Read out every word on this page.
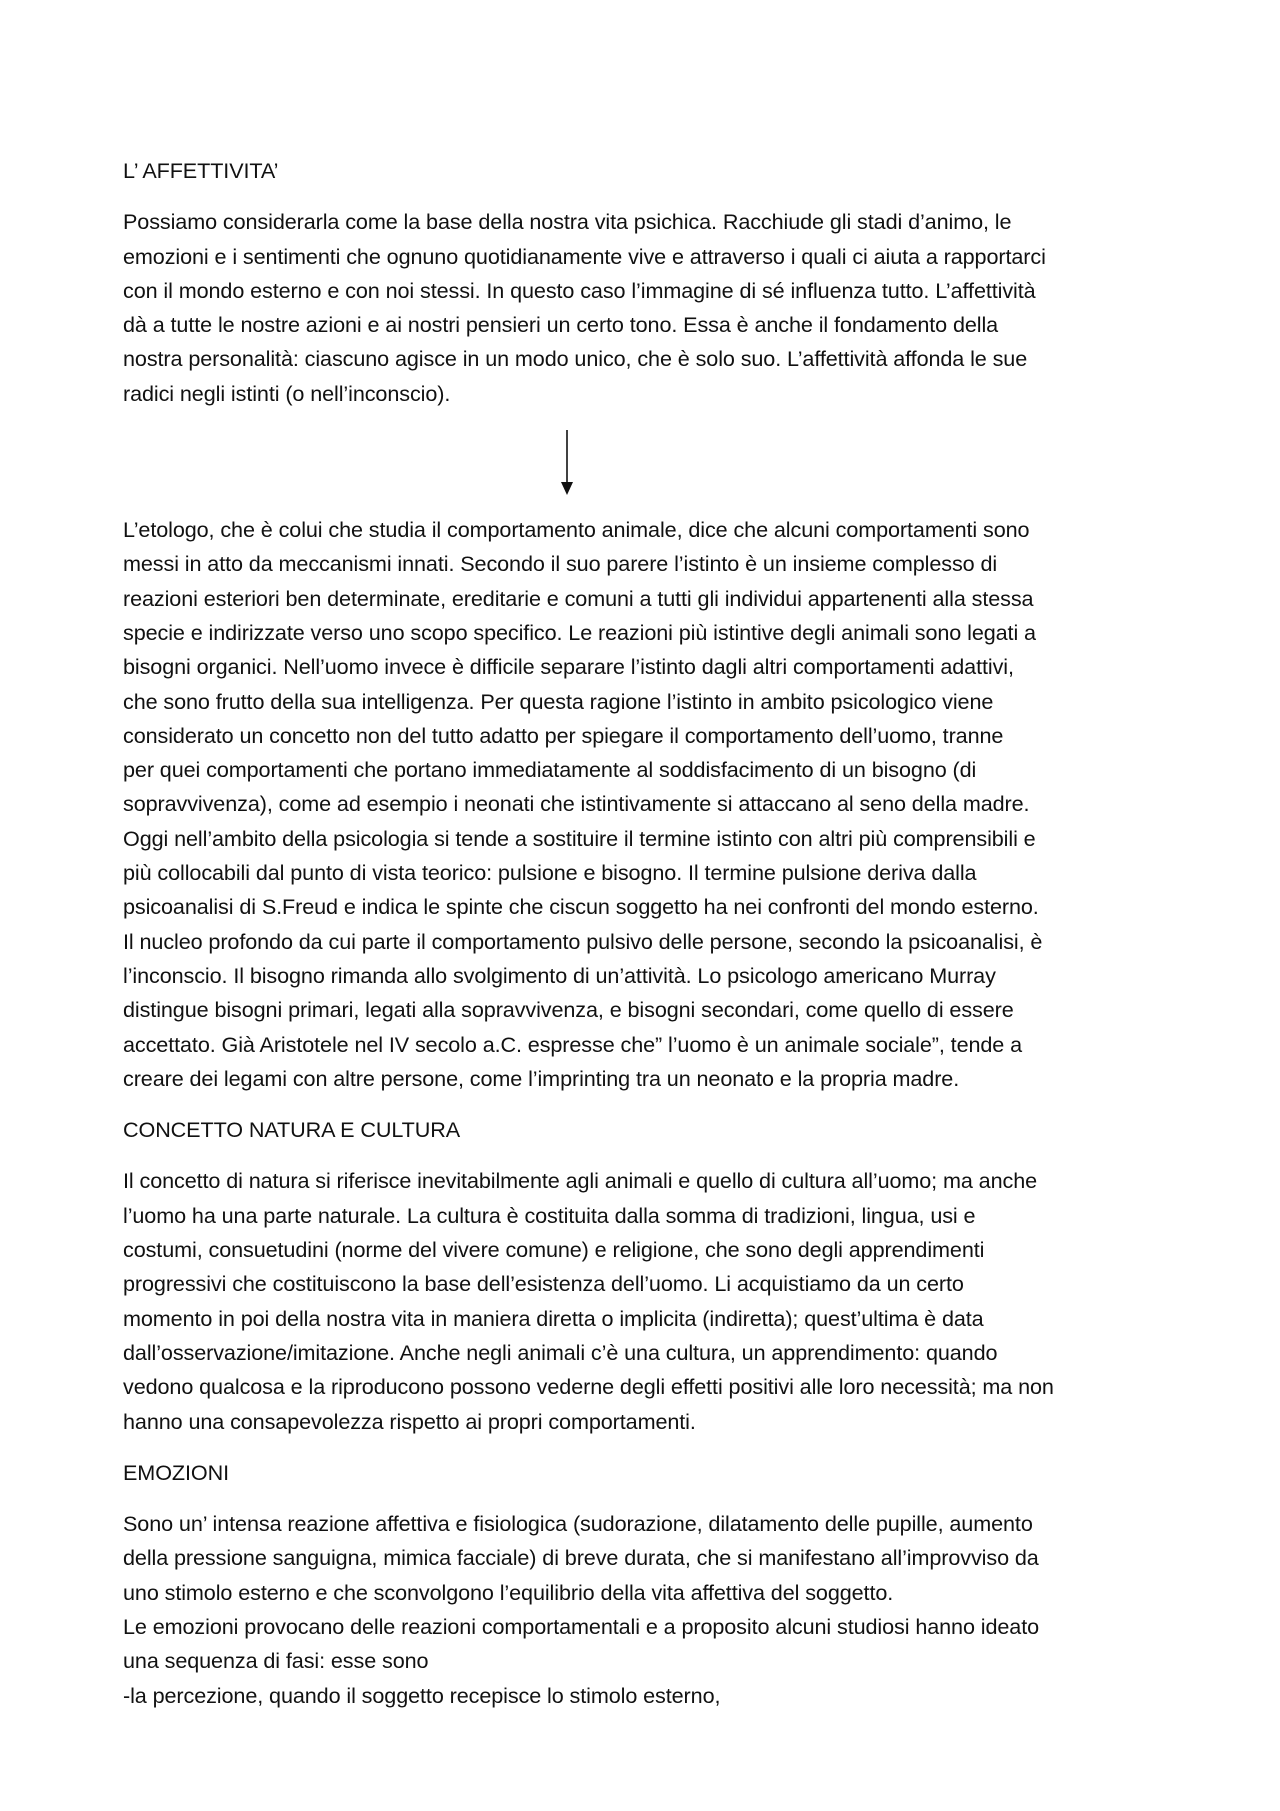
L’ AFFETTIVITA’
Possiamo considerarla come la base della nostra vita psichica. Racchiude gli stadi d’animo, le
emozioni e i sentimenti che ognuno quotidianamente vive e attraverso i quali ci aiuta a rapportarci
con il mondo esterno e con noi stessi. In questo caso l’immagine di sé influenza tutto. L’affettività
dà a tutte le nostre azioni e ai nostri pensieri un certo tono. Essa è anche il fondamento della
nostra personalità: ciascuno agisce in un modo unico, che è solo suo. L’affettività affonda le sue
radici negli istinti (o nell’inconscio).
L’etologo, che è colui che studia il comportamento animale, dice che alcuni comportamenti sono
messi in atto da meccanismi innati. Secondo il suo parere l’istinto è un insieme complesso di
reazioni esteriori ben determinate, ereditarie e comuni a tutti gli individui appartenenti alla stessa
specie e indirizzate verso uno scopo specifico. Le reazioni più istintive degli animali sono legati a
bisogni organici. Nell’uomo invece è difficile separare l’istinto dagli altri comportamenti adattivi,
che sono frutto della sua intelligenza. Per questa ragione l’istinto in ambito psicologico viene
considerato un concetto non del tutto adatto per spiegare il comportamento dell’uomo, tranne
per quei comportamenti che portano immediatamente al soddisfacimento di un bisogno (di
sopravvivenza), come ad esempio i neonati che istintivamente si attaccano al seno della madre.
Oggi nell’ambito della psicologia si tende a sostituire il termine istinto con altri più comprensibili e
più collocabili dal punto di vista teorico: pulsione e bisogno. Il termine pulsione deriva dalla
psicoanalisi di S.Freud e indica le spinte che ciscun soggetto ha nei confronti del mondo esterno.
Il nucleo profondo da cui parte il comportamento pulsivo delle persone, secondo la psicoanalisi, è
l’inconscio. Il bisogno rimanda allo svolgimento di un’attività. Lo psicologo americano Murray
distingue bisogni primari, legati alla sopravvivenza, e bisogni secondari, come quello di essere
accettato. Già Aristotele nel IV secolo a.C. espresse che” l’uomo è un animale sociale”, tende a
creare dei legami con altre persone, come l’imprinting tra un neonato e la propria madre.
CONCETTO NATURA E CULTURA
Il concetto di natura si riferisce inevitabilmente agli animali e quello di cultura all’uomo; ma anche
l’uomo ha una parte naturale. La cultura è costituita dalla somma di tradizioni, lingua, usi e
costumi, consuetudini (norme del vivere comune) e religione, che sono degli apprendimenti
progressivi che costituiscono la base dell’esistenza dell’uomo. Li acquistiamo da un certo
momento in poi della nostra vita in maniera diretta o implicita (indiretta); quest’ultima è data
dall’osservazione/imitazione. Anche negli animali c’è una cultura, un apprendimento: quando
vedono qualcosa e la riproducono possono vederne degli effetti positivi alle loro necessità; ma non
hanno una consapevolezza rispetto ai propri comportamenti.
EMOZIONI
Sono un’ intensa reazione affettiva e fisiologica (sudorazione, dilatamento delle pupille, aumento
della pressione sanguigna, mimica facciale) di breve durata, che si manifestano all’improvviso da
uno stimolo esterno e che sconvolgono l’equilibrio della vita affettiva del soggetto.
Le emozioni provocano delle reazioni comportamentali e a proposito alcuni studiosi hanno ideato
una sequenza di fasi: esse sono
-la percezione, quando il soggetto recepisce lo stimolo esterno,
